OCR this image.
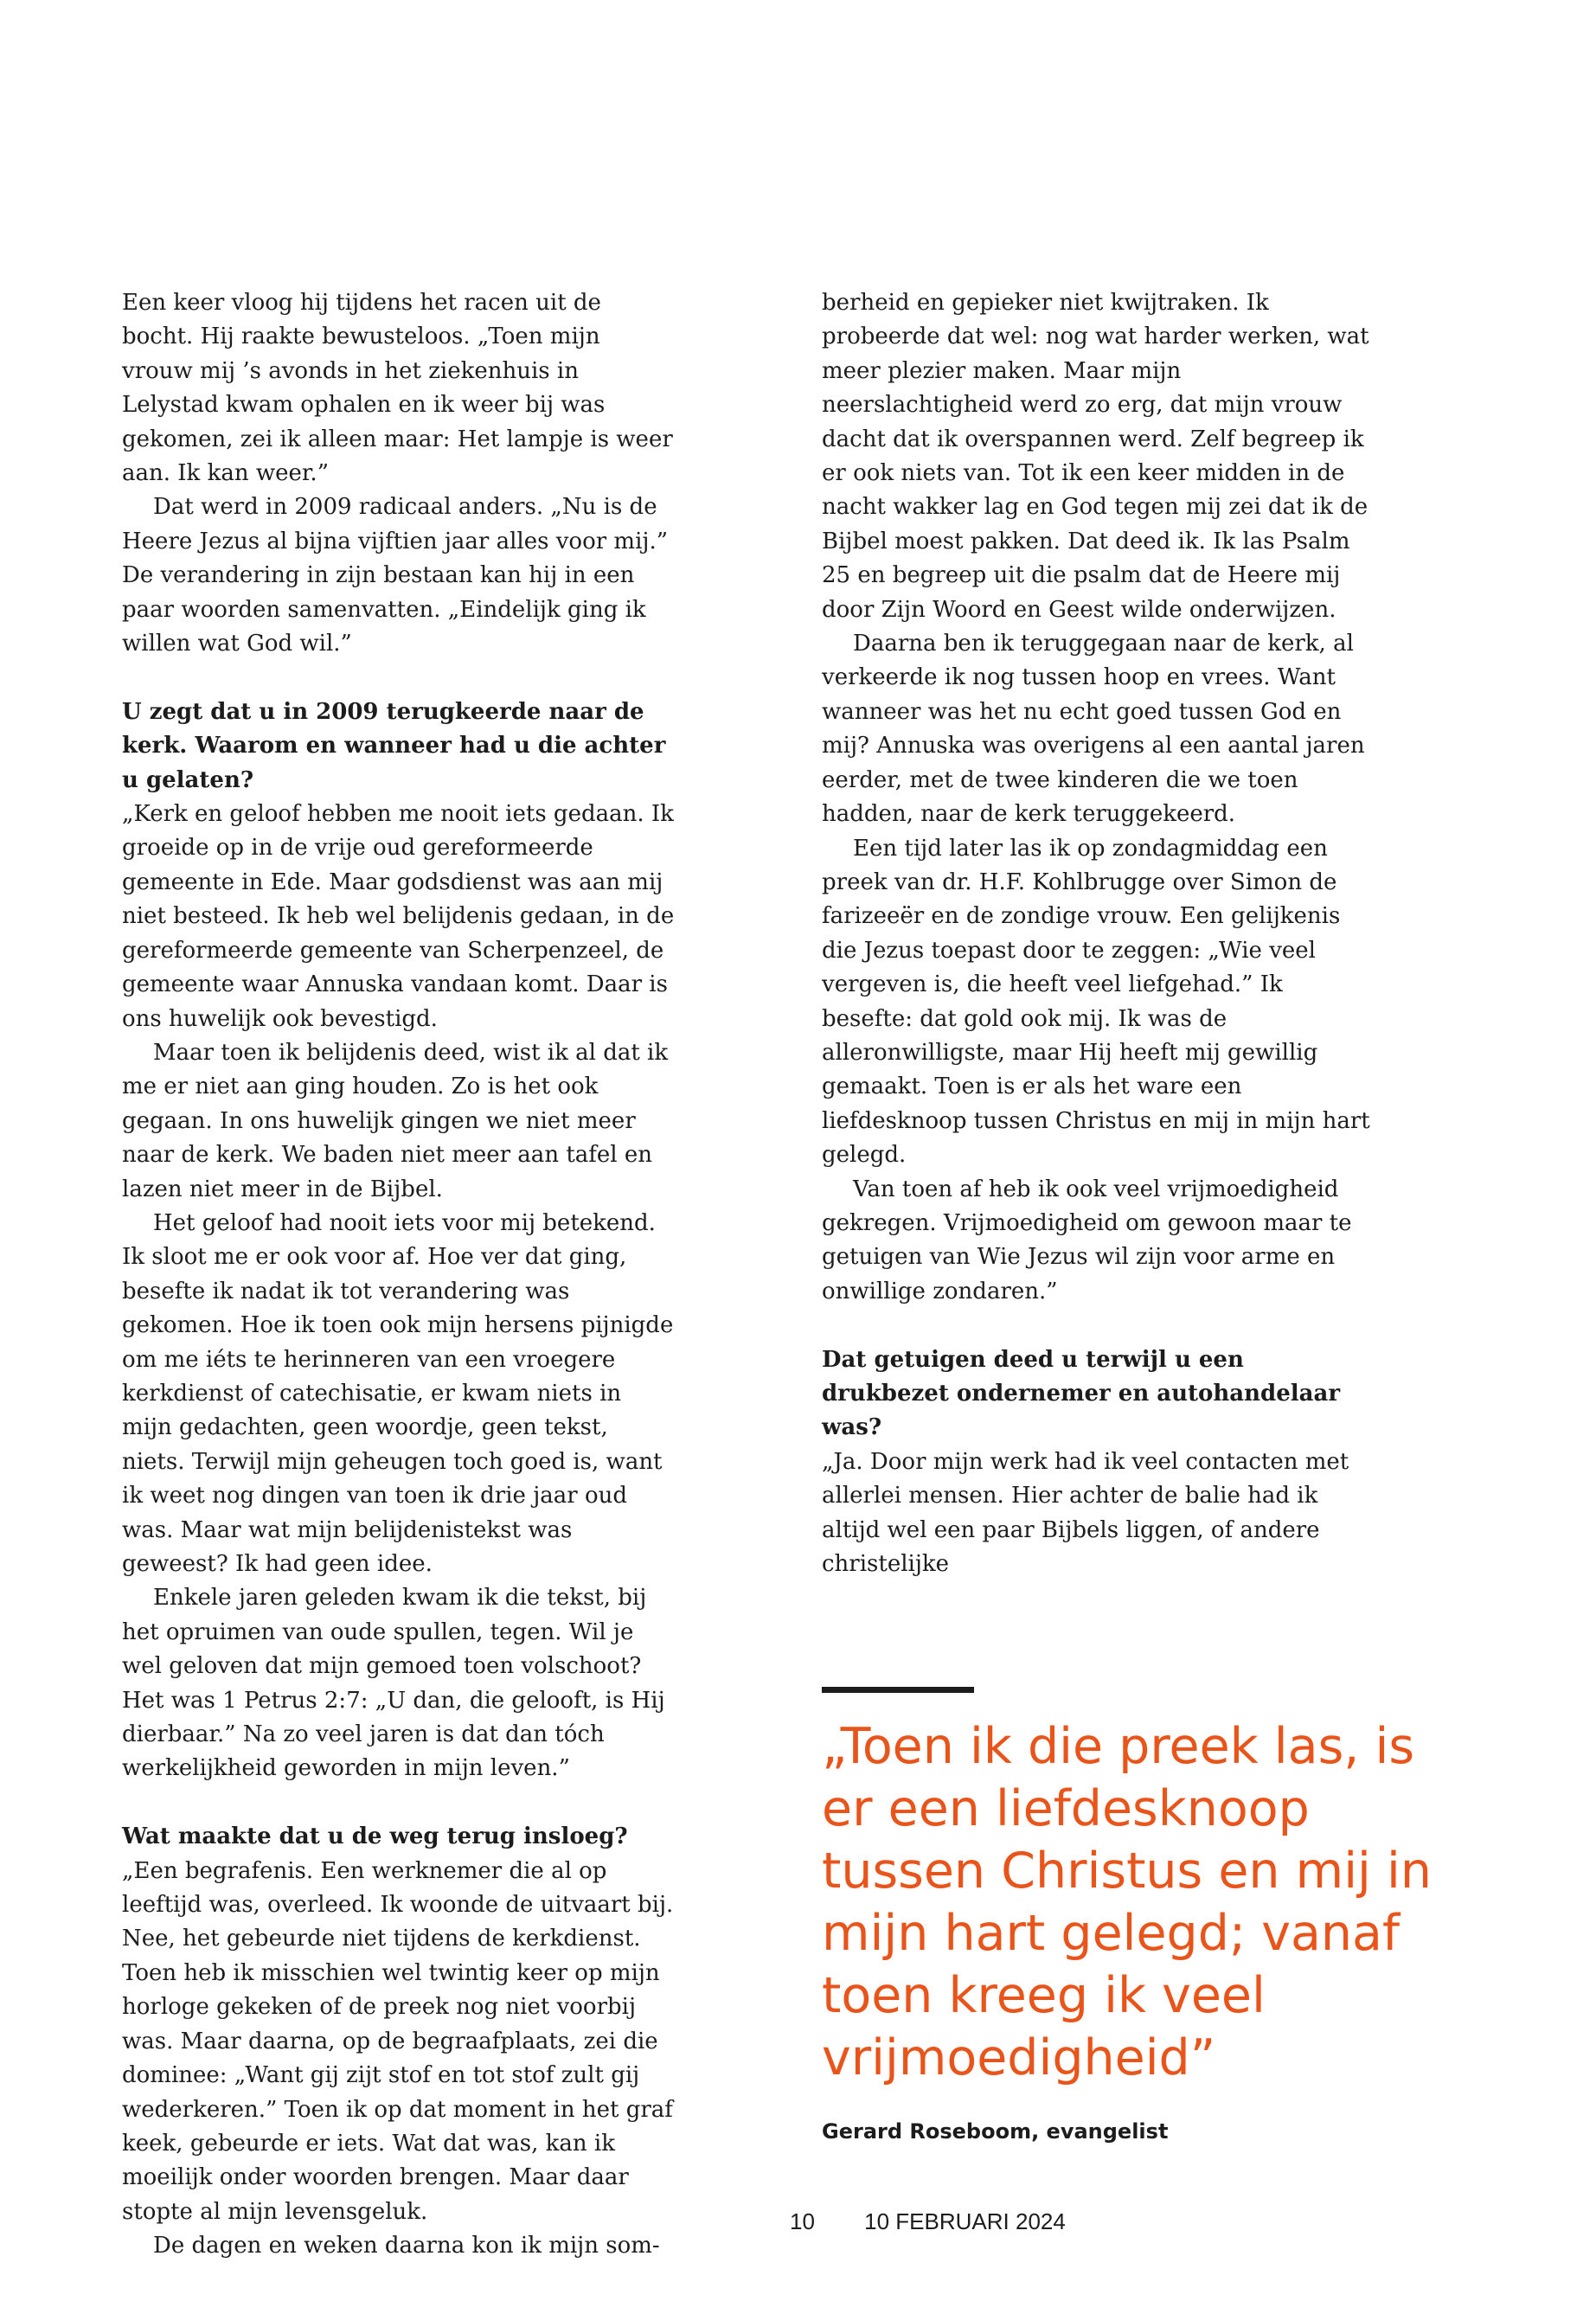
Een keer vloog hij tijdens het racen uit de bocht. Hij raakte bewusteloos. „Toen mijn vrouw mij ’s avonds in het ziekenhuis in Lelystad kwam ophalen en ik weer bij was gekomen, zei ik alleen maar: Het lampje is weer aan. Ik kan weer.”

Dat werd in 2009 radicaal anders. „Nu is de Heere Jezus al bijna vijftien jaar alles voor mij.” De verandering in zijn bestaan kan hij in een paar woorden samenvatten. „Eindelijk ging ik willen wat God wil.”

U zegt dat u in 2009 terugkeerde naar de kerk. Waarom en wanneer had u die achter u gelaten?

„Kerk en geloof hebben me nooit iets gedaan. Ik groeide op in de vrije oud gereformeerde gemeente in Ede. Maar godsdienst was aan mij niet besteed. Ik heb wel belijdenis gedaan, in de gereformeerde gemeente van Scherpenzeel, de gemeente waar Annuska vandaan komt. Daar is ons huwelijk ook bevestigd.

Maar toen ik belijdenis deed, wist ik al dat ik me er niet aan ging houden. Zo is het ook gegaan. In ons huwelijk gingen we niet meer naar de kerk. We baden niet meer aan tafel en lazen niet meer in de Bijbel.

Het geloof had nooit iets voor mij betekend. Ik sloot me er ook voor af. Hoe ver dat ging, besefte ik nadat ik tot verandering was gekomen. Hoe ik toen ook mijn hersens pijnigde om me iéts te herinneren van een vroegere kerkdienst of catechisatie, er kwam niets in mijn gedachten, geen woordje, geen tekst, niets. Terwijl mijn geheugen toch goed is, want ik weet nog dingen van toen ik drie jaar oud was. Maar wat mijn belijdenistekst was geweest? Ik had geen idee.

Enkele jaren geleden kwam ik die tekst, bij het opruimen van oude spullen, tegen. Wil je wel geloven dat mijn gemoed toen volschoot? Het was 1 Petrus 2:7: „U dan, die gelooft, is Hij dierbaar.” Na zo veel jaren is dat dan tóch werkelijkheid geworden in mijn leven.”

Wat maakte dat u de weg terug insloeg?

„Een begrafenis. Een werknemer die al op leeftijd was, overleed. Ik woonde de uitvaart bij. Nee, het gebeurde niet tijdens de kerkdienst. Toen heb ik misschien wel twintig keer op mijn horloge gekeken of de preek nog niet voorbij was. Maar daarna, op de begraafplaats, zei die dominee: „Want gij zijt stof en tot stof zult gij wederkeren.” Toen ik op dat moment in het graf keek, gebeurde er iets. Wat dat was, kan ik moeilijk onder woorden brengen. Maar daar stopte al mijn levensgeluk.

De dagen en weken daarna kon ik mijn som-

berheid en gepieker niet kwijtraken. Ik probeerde dat wel: nog wat harder werken, wat meer plezier maken. Maar mijn neerslachtigheid werd zo erg, dat mijn vrouw dacht dat ik overspannen werd. Zelf begreep ik er ook niets van. Tot ik een keer midden in de nacht wakker lag en God tegen mij zei dat ik de Bijbel moest pakken. Dat deed ik. Ik las Psalm 25 en begreep uit die psalm dat de Heere mij door Zijn Woord en Geest wilde onderwijzen.

Daarna ben ik teruggegaan naar de kerk, al verkeerde ik nog tussen hoop en vrees. Want wanneer was het nu echt goed tussen God en mij? Annuska was overigens al een aantal jaren eerder, met de twee kinderen die we toen hadden, naar de kerk teruggekeerd.

Een tijd later las ik op zondagmiddag een preek van dr. H.F. Kohlbrugge over Simon de farizeeër en de zondige vrouw. Een gelijkenis die Jezus toepast door te zeggen: „Wie veel vergeven is, die heeft veel liefgehad.” Ik besefte: dat gold ook mij. Ik was de alleronwilligste, maar Hij heeft mij gewillig gemaakt. Toen is er als het ware een liefdesknoop tussen Christus en mij in mijn hart gelegd.

Van toen af heb ik ook veel vrijmoedigheid gekregen. Vrijmoedigheid om gewoon maar te getuigen van Wie Jezus wil zijn voor arme en onwillige zondaren.”

Dat getuigen deed u terwijl u een drukbezet ondernemer en autohandelaar was?

„Ja. Door mijn werk had ik veel contacten met allerlei mensen. Hier achter de balie had ik altijd wel een paar Bijbels liggen, of andere christelijke

„Toen ik die preek las, is er een liefdesknoop tussen Christus en mij in mijn hart gelegd; vanaf toen kreeg ik veel vrijmoedigheid”

Gerard Roseboom, evangelist
10 10 FEBRUARI 2024
